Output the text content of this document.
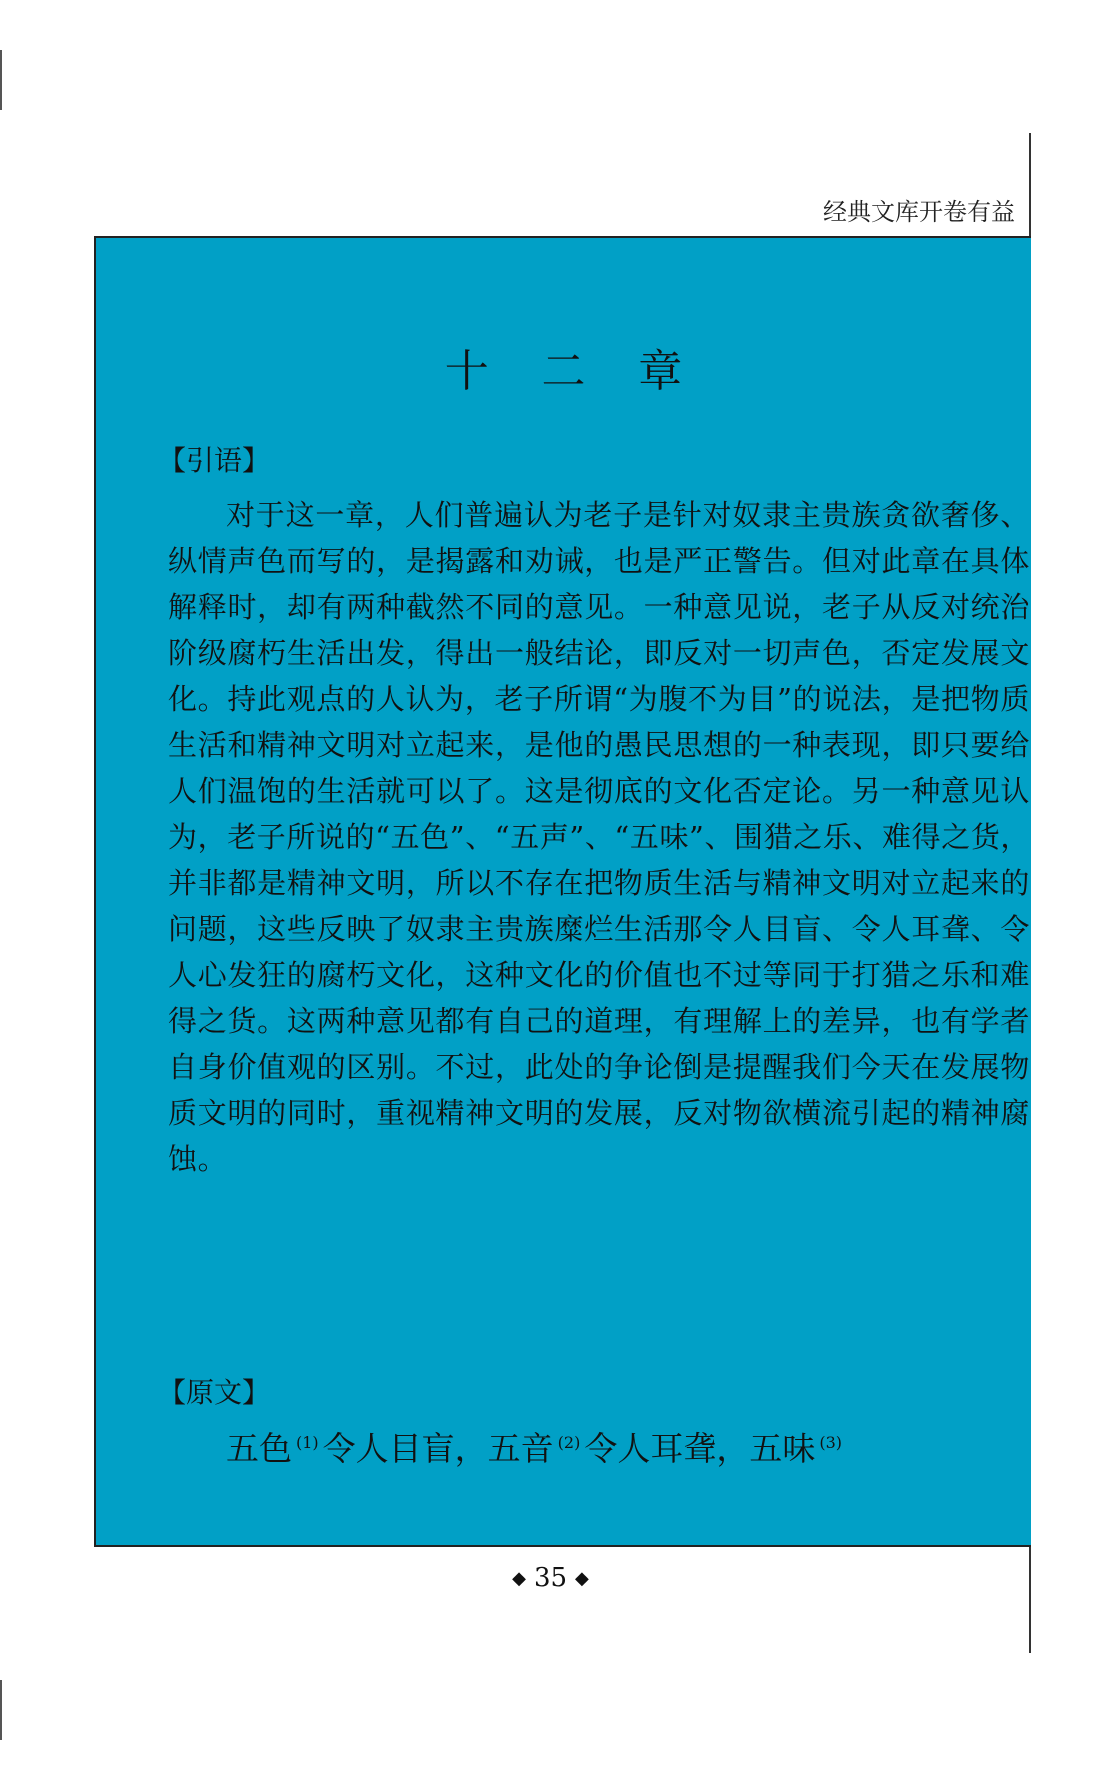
经典文库开卷有益
十二章
【引语】

对于这一章，人们普遍认为老子是针对奴隶主贵族贪欲奢侈、纵情声色而写的，是揭露和劝诫，也是严正警告。但对此章在具体解释时，却有两种截然不同的意见。一种意见说，老子从反对统治阶级腐朽生活出发，得出一般结论，即反对一切声色，否定发展文化。持此观点的人认为，老子所谓“为腹不为目”的说法，是把物质生活和精神文明对立起来，是他的愚民思想的一种表现，即只要给人们温饱的生活就可以了。这是彻底的文化否定论。另一种意见认为，老子所说的“五色”、“五声”、“五味”、围猎之乐、难得之货，并非都是精神文明，所以不存在把物质生活与精神文明对立起来的问题，这些反映了奴隶主贵族糜烂生活那令人目盲、令人耳聋、令人心发狂的腐朽文化，这种文化的价值也不过等同于打猎之乐和难得之货。这两种意见都有自己的道理，有理解上的差异，也有学者自身价值观的区别。不过，此处的争论倒是提醒我们今天在发展物质文明的同时，重视精神文明的发展，反对物欲横流引起的精神腐蚀。

【原文】

五色 $^{(1)}$ 令人目盲，五音 $^{(2)}$ 令人耳聋，五味 $^{(3)}$

◆ 35 ◆
